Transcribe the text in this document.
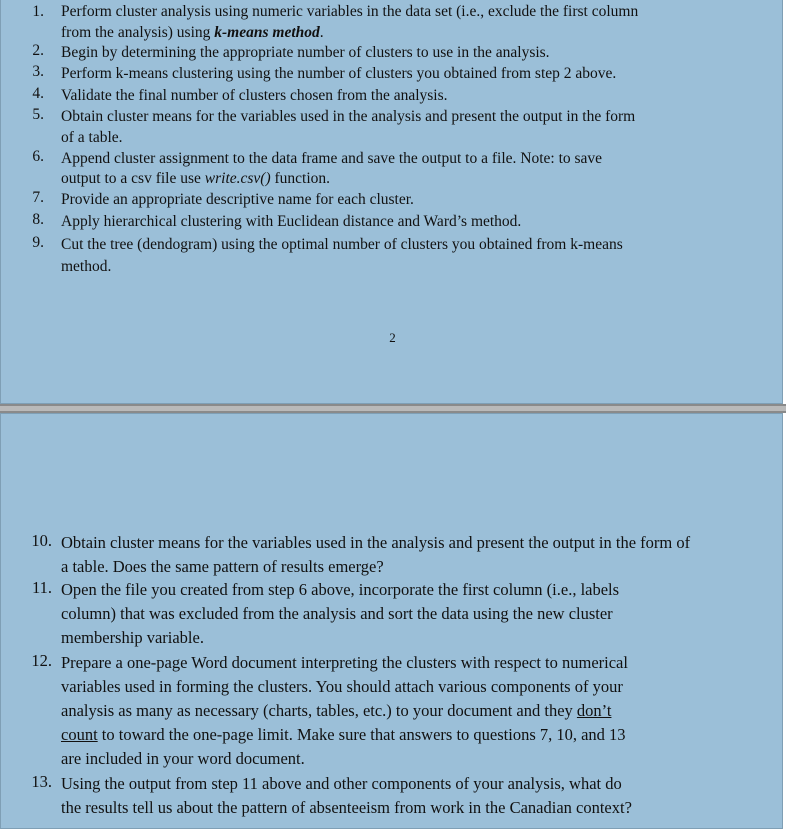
2
1. Perform cluster analysis using numeric variables in the data set (i.e., exclude the first column
from the analysis) using k-means method.
2. Begin by determining the appropriate number of clusters to use in the analysis.
3. Perform k-means clustering using the number of clusters you obtained from step 2 above.
4. Validate the final number of clusters chosen from the analysis.
5. Obtain cluster means for the variables used in the analysis and present the output in the form
of a table.
6. Append cluster assignment to the data frame and save the output to a file. Note: to save
output to a csv file use write.csv() function.
7. Provide an appropriate descriptive name for each cluster.
8. Apply hierarchical clustering with Euclidean distance and Ward’s method.
9. Cut the tree (dendogram) using the optimal number of clusters you obtained from k-means
method.
10. Obtain cluster means for the variables used in the analysis and present the output in the form of
a table. Does the same pattern of results emerge?
11. Open the file you created from step 6 above, incorporate the first column (i.e., labels
column) that was excluded from the analysis and sort the data using the new cluster
membership variable.
12. Prepare a one-page Word document interpreting the clusters with respect to numerical
variables used in forming the clusters. You should attach various components of your
analysis as many as necessary (charts, tables, etc.) to your document and they don’t
count to toward the one-page limit. Make sure that answers to questions 7, 10, and 13
are included in your word document.
13. Using the output from step 11 above and other components of your analysis, what do
the results tell us about the pattern of absenteeism from work in the Canadian context?
